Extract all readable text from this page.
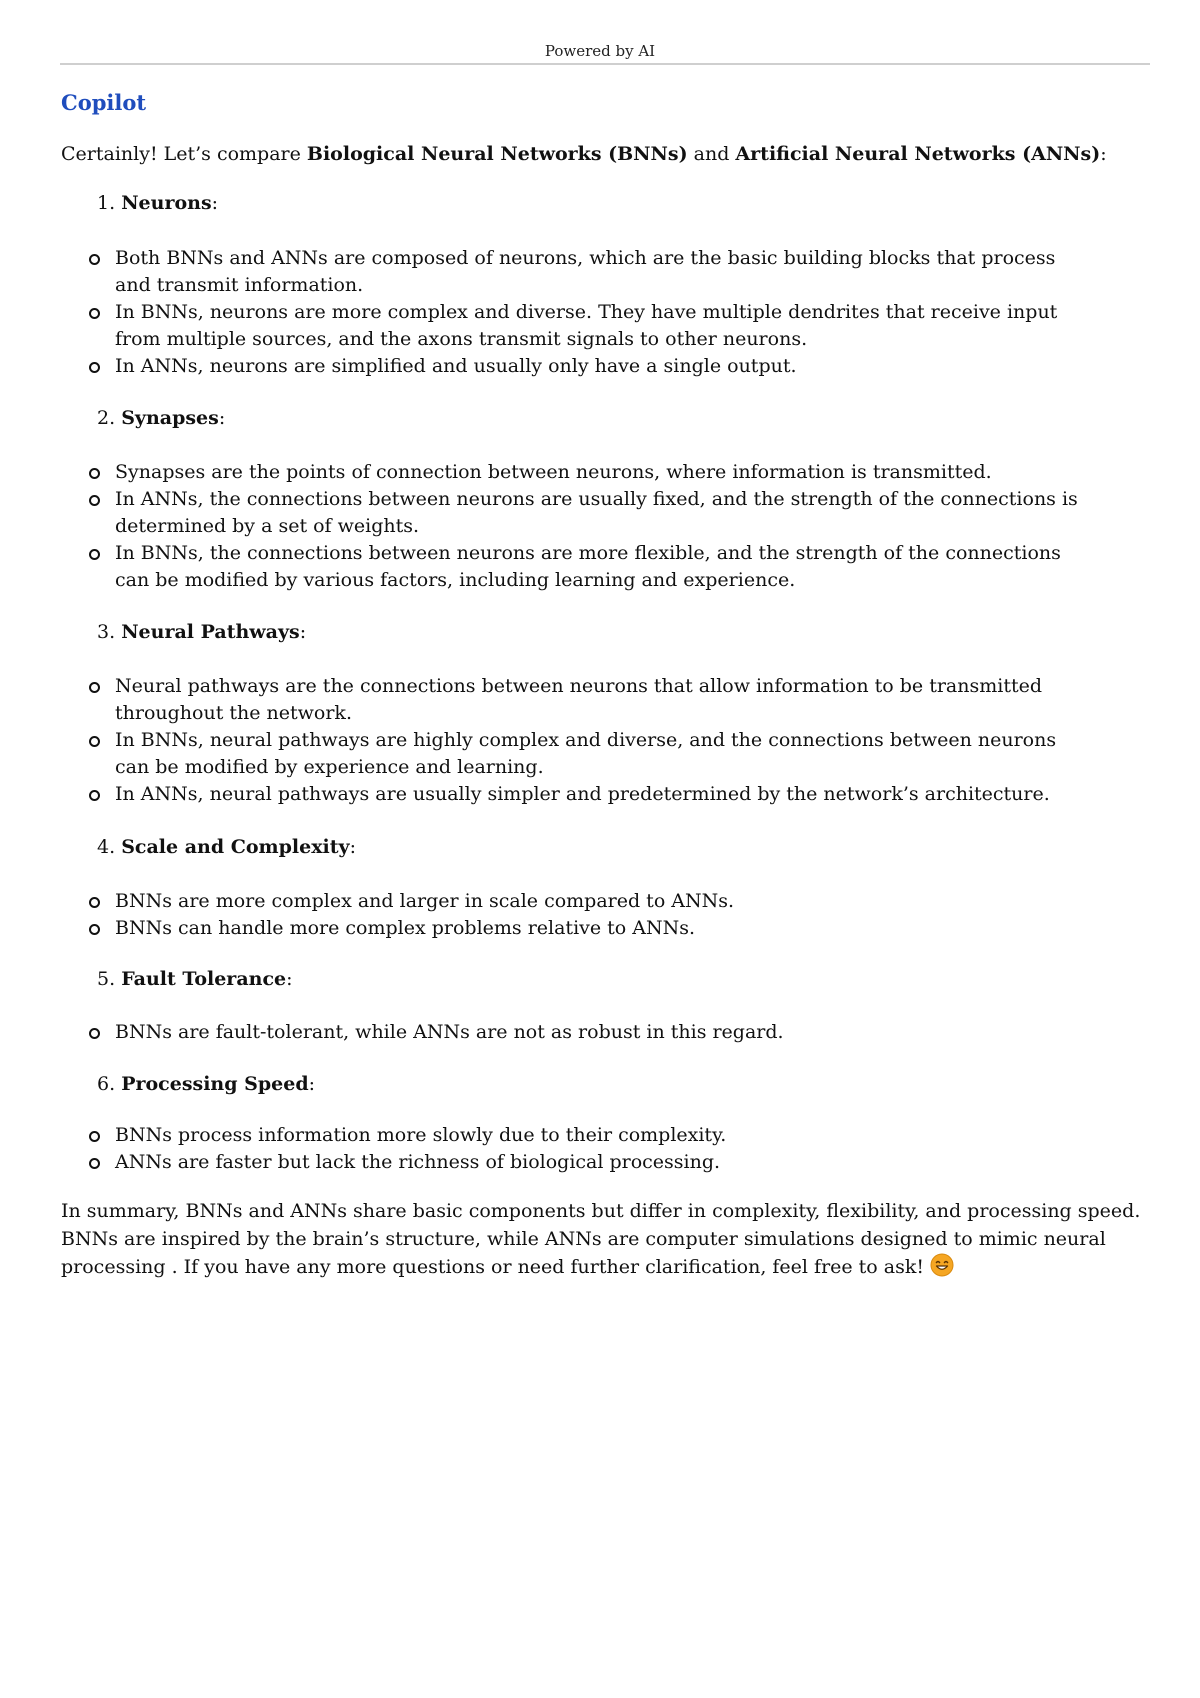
Powered by AI
Copilot
Certainly! Let’s compare Biological Neural Networks (BNNs) and Artificial Neural Networks (ANNs):
1. Neurons:
Both BNNs and ANNs are composed of neurons, which are the basic building blocks that process and transmit information.
In BNNs, neurons are more complex and diverse. They have multiple dendrites that receive input from multiple sources, and the axons transmit signals to other neurons.
In ANNs, neurons are simplified and usually only have a single output.
2. Synapses:
Synapses are the points of connection between neurons, where information is transmitted.
In ANNs, the connections between neurons are usually fixed, and the strength of the connections is determined by a set of weights.
In BNNs, the connections between neurons are more flexible, and the strength of the connections can be modified by various factors, including learning and experience.
3. Neural Pathways:
Neural pathways are the connections between neurons that allow information to be transmitted throughout the network.
In BNNs, neural pathways are highly complex and diverse, and the connections between neurons can be modified by experience and learning.
In ANNs, neural pathways are usually simpler and predetermined by the network’s architecture.
4. Scale and Complexity:
BNNs are more complex and larger in scale compared to ANNs.
BNNs can handle more complex problems relative to ANNs.
5. Fault Tolerance:
BNNs are fault-tolerant, while ANNs are not as robust in this regard.
6. Processing Speed:
BNNs process information more slowly due to their complexity.
ANNs are faster but lack the richness of biological processing.
In summary, BNNs and ANNs share basic components but differ in complexity, flexibility, and processing speed. BNNs are inspired by the brain’s structure, while ANNs are computer simulations designed to mimic neural processing . If you have any more questions or need further clarification, feel free to ask!
